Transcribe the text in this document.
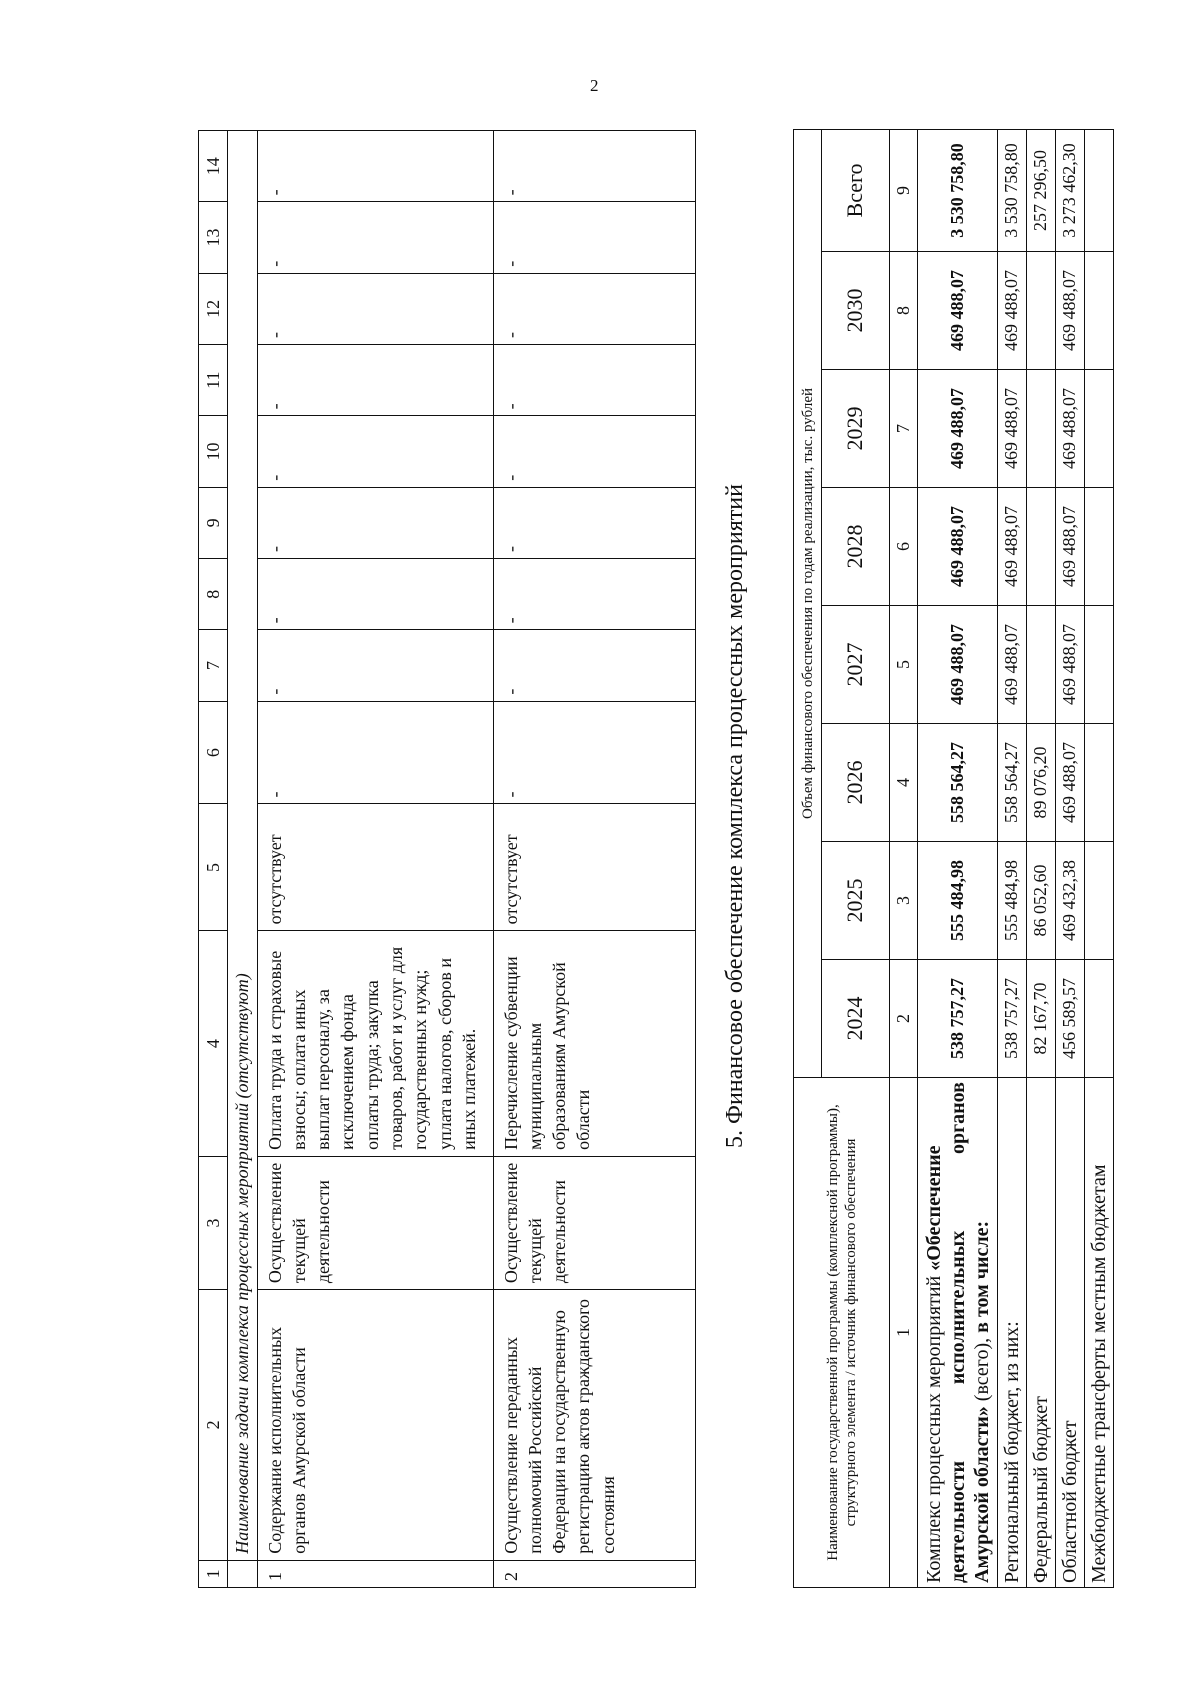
2
1	2	3	4	5	6	7	8	9	10	11	12	13	14
	Наименование задачи комплекса процессных мероприятий (отсутствуют)												
1	Содержание исполнительных органов Амурской области	Осуществление текущей деятельности	Оплата труда и страховые взносы; оплата иных выплат персоналу, за исключением фонда оплаты труда; закупка товаров, работ и услуг для государственных нужд; уплата налогов, сборов и иных платежей.	отсутствует	-	-	-	-	-	-	-	-	-
2	Осуществление переданных полномочий Российской Федерации на государственную регистрацию актов гражданского состояния	Осуществление текущей деятельности	Перечисление субвенции муниципальным образованиям Амурской области	отсутствует	-	-	-	-	-	-	-	-	-
5. Финансовое обеспечение комплекса процессных мероприятий
Наименование государственной программы (комплексной программы), структурного элемента / источник финансового обеспечения	Объем финансового обеспечения по годам реализации, тыс. рублей							
	2024	2025	2026	2027	2028	2029	2030	Всего
1	2	3	4	5	6	7	8	9

Комплекс процессных мероприятий «Обеспечение
деятельности
исполнительных
органов
Амурской области» (всего), в том числе:	538 757,27	555 484,98	558 564,27	469 488,07	469 488,07	469 488,07	469 488,07	3 530 758,80
Региональный бюджет, из них:	538 757,27	555 484,98	558 564,27	469 488,07	469 488,07	469 488,07	469 488,07	3 530 758,80
Федеральный бюджет	82 167,70	86 052,60	89 076,20					257 296,50
Областной бюджет	456 589,57	469 432,38	469 488,07	469 488,07	469 488,07	469 488,07	469 488,07	3 273 462,30
Межбюджетные трансферты местным бюджетам								
